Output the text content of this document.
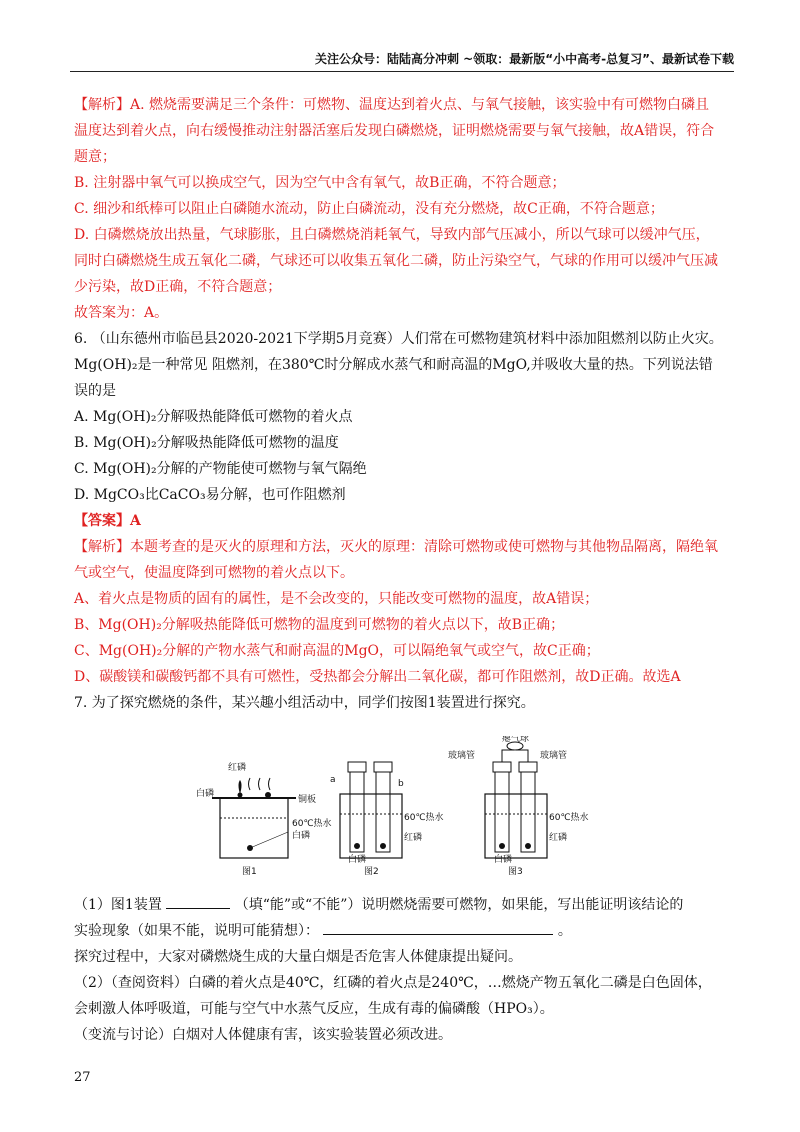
关注公众号：陆陆高分冲刺 ~领取：最新版“小中高考-总复习”、最新试卷下载
【解析】A. 燃烧需要满足三个条件：可燃物、温度达到着火点、与氧气接触，该实验中有可燃物白磷且
温度达到着火点，向右缓慢推动注射器活塞后发现白磷燃烧，证明燃烧需要与氧气接触，故A错误，符合
题意；
B. 注射器中氧气可以换成空气，因为空气中含有氧气，故B正确，不符合题意；
C. 细沙和纸棒可以阻止白磷随水流动，防止白磷流动，没有充分燃烧，故C正确，不符合题意；
D. 白磷燃烧放出热量，气球膨胀，且白磷燃烧消耗氧气，导致内部气压减小，所以气球可以缓冲气压，
同时白磷燃烧生成五氧化二磷，气球还可以收集五氧化二磷，防止污染空气，气球的作用可以缓冲气压减
少污染，故D正确，不符合题意；
故答案为：A。
6. （山东德州市临邑县2020-2021下学期5月竞赛）人们常在可燃物建筑材料中添加阻燃剂以防止火灾。
Mg(OH)₂是一种常见 阻燃剂，在380℃时分解成水蒸气和耐高温的MgO,并吸收大量的热。下列说法错
误的是
A. Mg(OH)₂分解吸热能降低可燃物的着火点
B. Mg(OH)₂分解吸热能降低可燃物的温度
C. Mg(OH)₂分解的产物能使可燃物与氧气隔绝
D. MgCO₃比CaCO₃易分解，也可作阻燃剂
【答案】A
【解析】本题考查的是灭火的原理和方法，灭火的原理：清除可燃物或使可燃物与其他物品隔离，隔绝氧
气或空气，使温度降到可燃物的着火点以下。
A、着火点是物质的固有的属性，是不会改变的，只能改变可燃物的温度，故A错误；
B、Mg(OH)₂分解吸热能降低可燃物的温度到可燃物的着火点以下，故B正确；
C、Mg(OH)₂分解的产物水蒸气和耐高温的MgO，可以隔绝氧气或空气，故C正确；
D、碳酸镁和碳酸钙都不具有可燃性，受热都会分解出二氧化碳，都可作阻燃剂，故D正确。故选A
7. 为了探究燃烧的条件，某兴趣小组活动中，同学们按图1装置进行探究。
红磷
白磷
铜板
60℃热水
白磷
图1
a	b
60℃热水
红磷
白磷
图2
瘪气球
玻璃管	玻璃管
60℃热水
红磷
白磷
图3
（1）图1装置	（填“能”或“不能”）说明燃烧需要可燃物，如果能，写出能证明该结论的
实验现象（如果不能，说明可能猜想）：	。
探究过程中，大家对磷燃烧生成的大量白烟是否危害人体健康提出疑问。
（2）（查阅资料）白磷的着火点是40℃，红磷的着火点是240℃，…燃烧产物五氧化二磷是白色固体，
会刺激人体呼吸道，可能与空气中水蒸气反应，生成有毒的偏磷酸（HPO₃）。
（变流与讨论）白烟对人体健康有害，该实验装置必须改进。
27
